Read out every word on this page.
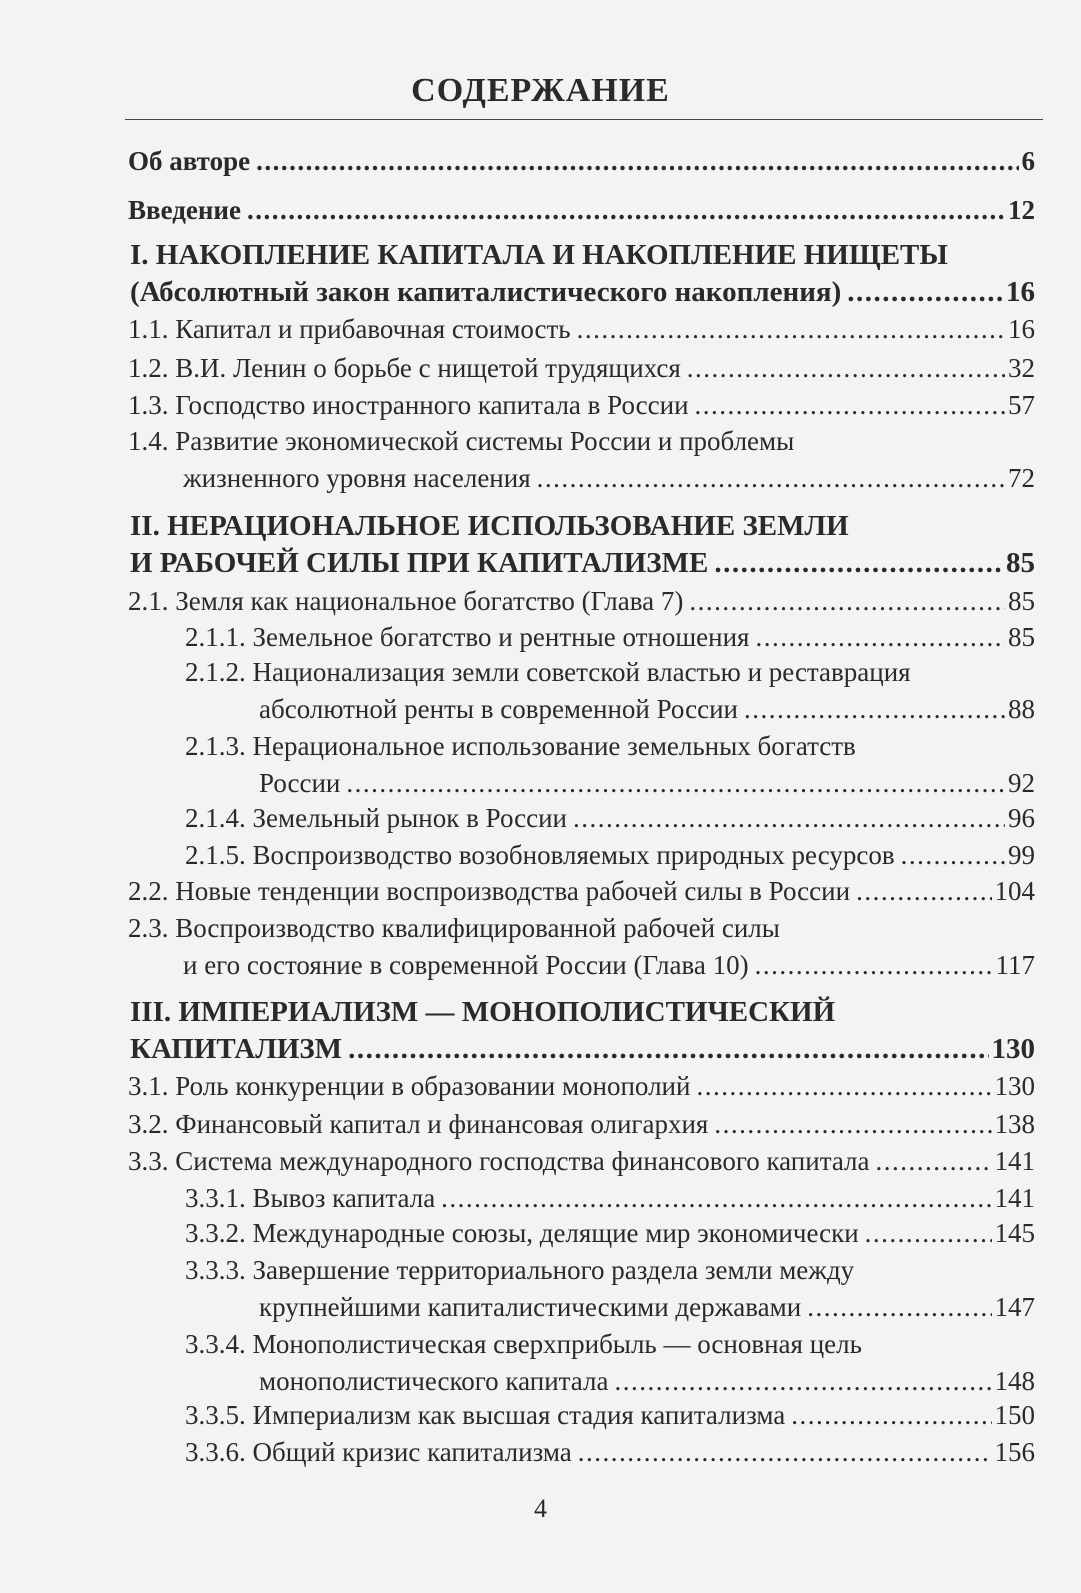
СОДЕРЖАНИЕ
Об авторе .....	6
Введение .....	12
I. НАКОПЛЕНИЕ КАПИТАЛА И НАКОПЛЕНИЕ НИЩЕТЫ
(Абсолютный закон капиталистического накопления) .....	16
1.1. Капитал и прибавочная стоимость .....	16
1.2. В.И. Ленин о борьбе с нищетой трудящихся .....	32
1.3. Господство иностранного капитала в России .....	57
1.4. Развитие экономической системы России и проблемы
жизненного уровня населения .....	72
II. НЕРАЦИОНАЛЬНОЕ ИСПОЛЬЗОВАНИЕ ЗЕМЛИ
И РАБОЧЕЙ СИЛЫ ПРИ КАПИТАЛИЗМЕ .....	85
2.1. Земля как национальное богатство (Глава 7) .....	85
2.1.1. Земельное богатство и рентные отношения .....	85
2.1.2. Национализация земли советской властью и реставрация
абсолютной ренты в современной России .....	88
2.1.3. Нерациональное использование земельных богатств
России .....	92
2.1.4. Земельный рынок в России .....	96
2.1.5. Воспроизводство возобновляемых природных ресурсов .....	99
2.2. Новые тенденции воспроизводства рабочей силы в России .....	104
2.3. Воспроизводство квалифицированной рабочей силы
и его состояние в современной России (Глава 10) .....	117
III. ИМПЕРИАЛИЗМ — МОНОПОЛИСТИЧЕСКИЙ
КАПИТАЛИЗМ .....	130
3.1. Роль конкуренции в образовании монополий .....	130
3.2. Финансовый капитал и финансовая олигархия .....	138
3.3. Система международного господства финансового капитала .....	141
3.3.1. Вывоз капитала .....	141
3.3.2. Международные союзы, делящие мир экономически .....	145
3.3.3. Завершение территориального раздела земли между
крупнейшими капиталистическими державами .....	147
3.3.4. Монополистическая сверхприбыль — основная цель
монополистического капитала .....	148
3.3.5. Империализм как высшая стадия капитализма .....	150
3.3.6. Общий кризис капитализма .....	156
4
